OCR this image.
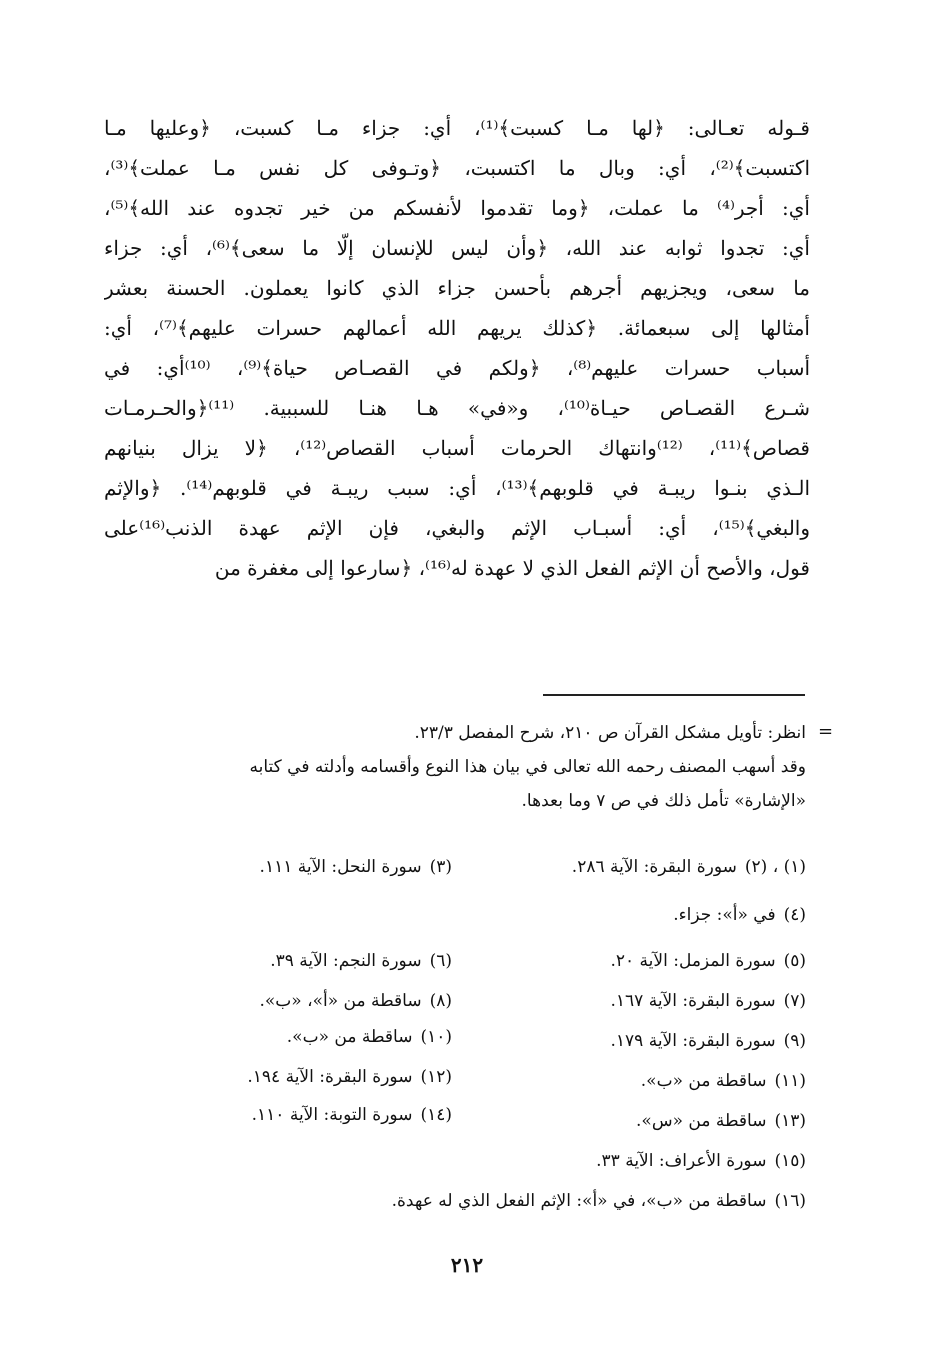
قـوله تعـالى: ﴿لها مـا كسبت﴾⁽¹⁾، أي: جزاء مـا كسبت، ﴿وعليها مـا
اكتسبت﴾⁽²⁾، أي: وبال ما اكتسبت، ﴿وتـوفى كل نفس مـا عملت﴾⁽³⁾،
أي: أجر⁽⁴⁾ ما عملت، ﴿وما تقدموا لأنفسكم من خير تجدوه عند الله﴾⁽⁵⁾،
أي: تجدوا ثوابه عند الله، ﴿وأن ليس للإنسان إلّا ما سعى﴾⁽⁶⁾، أي: جزاء
ما سعى، ويجزيهم أجرهم بأحسن جزاء الذي كانوا يعملون. الحسنة بعشر
أمثالها إلى سبعمائة. ﴿كذلك يريهم الله أعمالهم حسرات عليهم﴾⁽⁷⁾، أي:
أسباب حسرات عليهم⁽⁸⁾، ﴿ولكم في القصـاص حياة﴾⁽⁹⁾، ⁽¹⁰⁾أي: في
شـرع القصـاص حيـاة⁽¹⁰⁾، و«في» هـا هنـا للسببية. ⁽¹¹⁾﴿والحـرمـات
قصاص﴾⁽¹¹⁾، ⁽¹²⁾وانتهاك الحرمات أسباب القصاص⁽¹²⁾، ﴿لا يزال بنيانهم
الـذي بنـوا ريبـة في قلوبهم﴾⁽¹³⁾، أي: سبب ريبـة في قلوبهم⁽¹⁴⁾. ﴿والإثم
والبغي﴾⁽¹⁵⁾، أي: أسبـاب الإثم والبغي، فإن الإثم عهدة الذنب⁽¹⁶⁾على
قول، والأصح أن الإثم الفعل الذي لا عهدة له⁽¹⁶⁾، ﴿سارعوا إلى مغفرة من
=
انظر: تأويل مشكل القرآن ص ٢١٠، شرح المفصل ٢٣/٣.
وقد أسهب المصنف رحمه الله تعالى في بيان هذا النوع وأقسامه وأدلته في كتابه
«الإشارة» تأمل ذلك في ص ٧ وما بعدها.
(١) ، (٢)سورة البقرة: الآية ٢٨٦.
(٣)سورة النحل: الآية ١١١.
(٤)في «أ»: جزاء.
(٥)سورة المزمل: الآية ٢٠.
(٦)سورة النجم: الآية ٣٩.
(٧)سورة البقرة: الآية ١٦٧.
(٨)ساقطة من «أ»، «ب».
(٩)سورة البقرة: الآية ١٧٩.
(١٠)ساقطة من «ب».
(١١)ساقطة من «ب».
(١٢)سورة البقرة: الآية ١٩٤.
(١٣)ساقطة من «س».
(١٤)سورة التوبة: الآية ١١٠.
(١٥)سورة الأعراف: الآية ٣٣.
(١٦)ساقطة من «ب»، في «أ»: الإثم الفعل الذي له عهدة.
٢١٢
